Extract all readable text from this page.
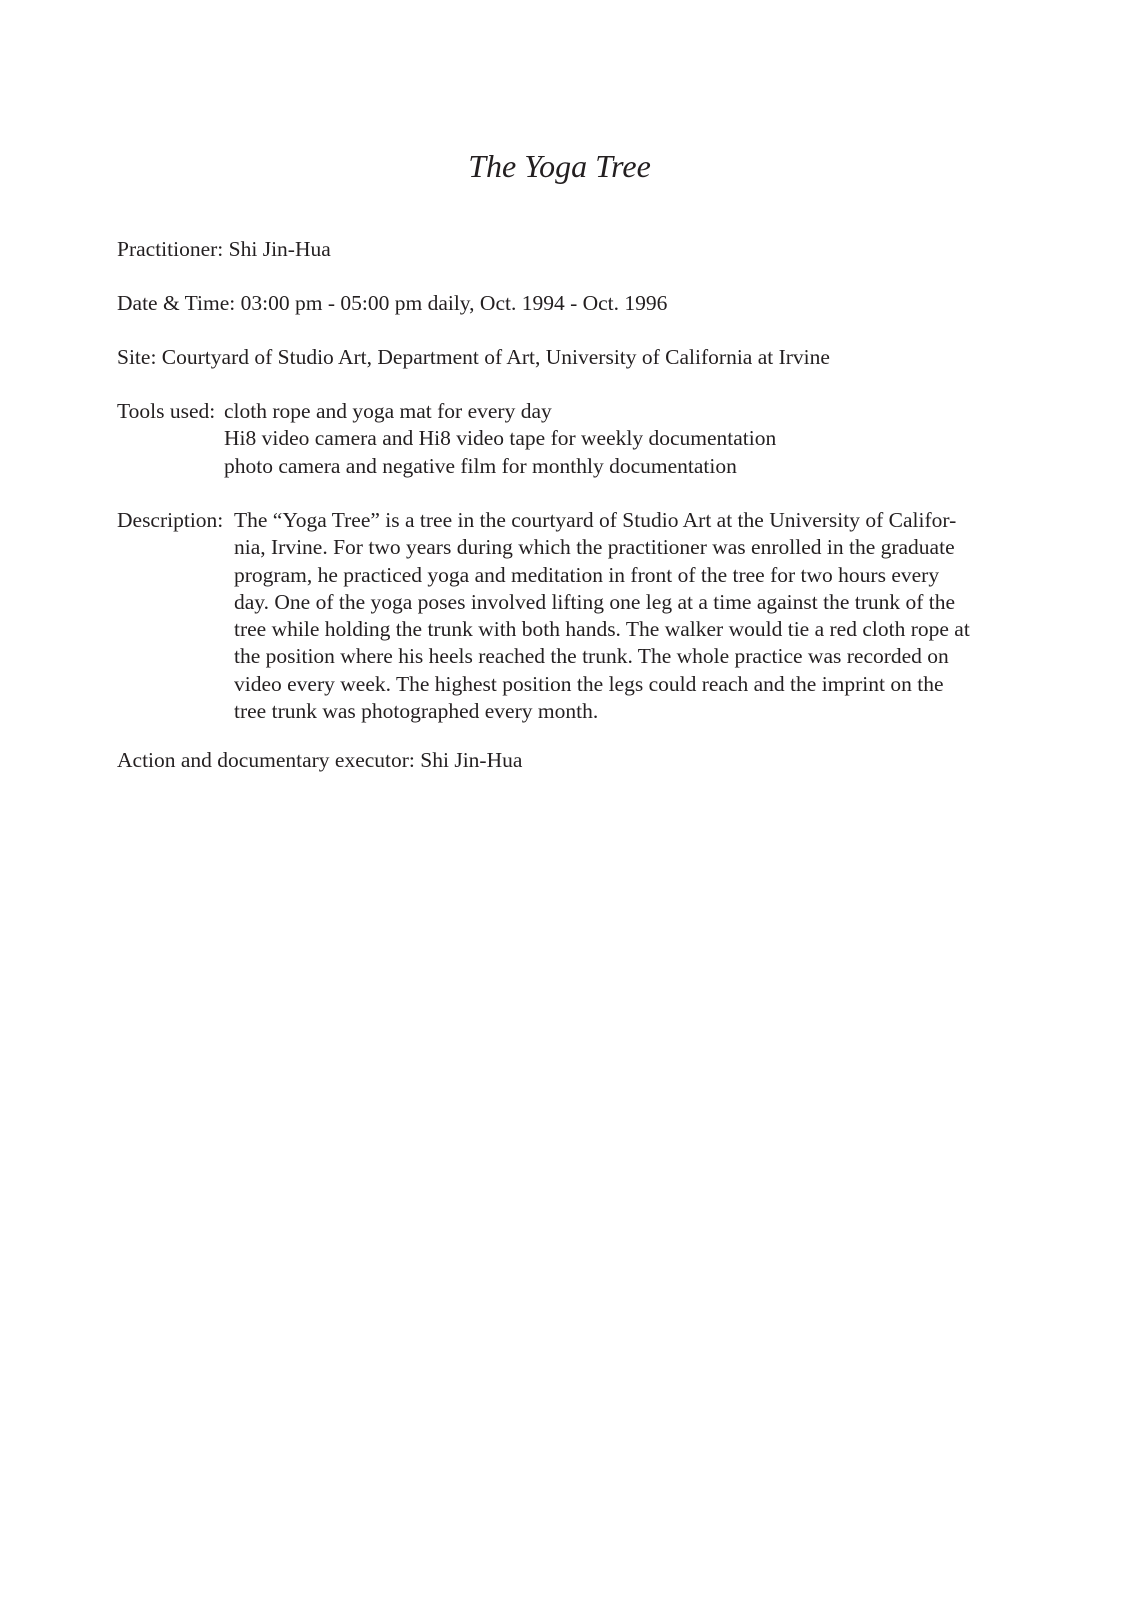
The Yoga Tree
Practitioner: Shi Jin-Hua
Date & Time: 03:00 pm - 05:00 pm daily, Oct. 1994 - Oct. 1996
Site: Courtyard of Studio Art, Department of Art, University of California at Irvine
Tools used: cloth rope and yoga mat for every day
Hi8 video camera and Hi8 video tape for weekly documentation
photo camera and negative film for monthly documentation
Description: The “Yoga Tree” is a tree in the courtyard of Studio Art at the University of Califor-
nia, Irvine. For two years during which the practitioner was enrolled in the graduate
program, he practiced yoga and meditation in front of the tree for two hours every
day. One of the yoga poses involved lifting one leg at a time against the trunk of the
tree while holding the trunk with both hands. The walker would tie a red cloth rope at
the position where his heels reached the trunk. The whole practice was recorded on
video every week. The highest position the legs could reach and the imprint on the
tree trunk was photographed every month.
Action and documentary executor: Shi Jin-Hua
